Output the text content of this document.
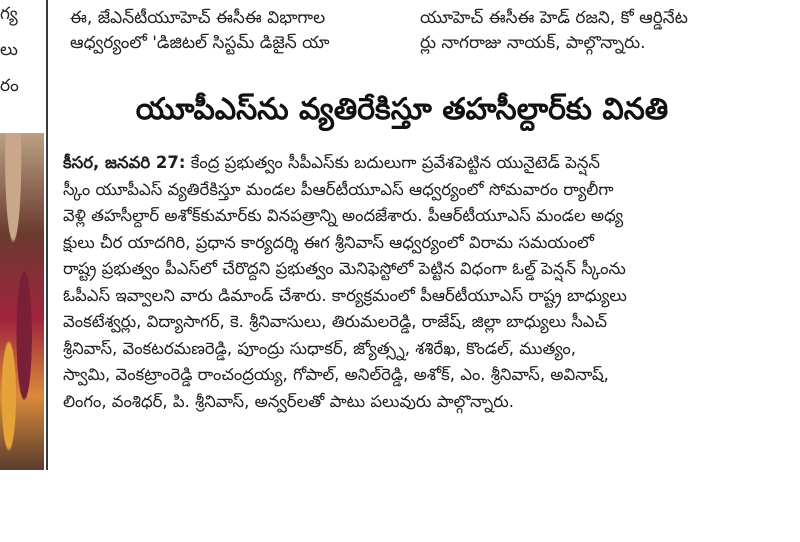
గ్య
లు
రం
ఈ, జేఎన్‌టీయూహెచ్ ఈసీఈ విభాగాల
ఆధ్వర్యంలో 'డిజిటల్ సిస్టమ్ డిజైన్ యా
యూహెచ్ ఈసీఈ హెడ్ రజని, కో ఆర్డినేట
ర్లు నాగరాజు నాయక్, పాల్గొన్నారు.
యూపీఎస్‌ను వ్యతిరేకిస్తూ తహసీల్దార్‌కు వినతి
కీసర, జనవరి 27: కేంద్ర ప్రభుత్వం సీపీఎస్‌కు బదులుగా ప్రవేశపెట్టిన యునైటెడ్ పెన్షన్
స్కీం యూపీఎస్ వ్యతిరేకిస్తూ మండల పీఆర్‌టీయూఎస్ ఆధ్వర్యంలో సోమవారం ర్యాలీగా
వెళ్లి తహసీల్దార్ అశోక్‌కుమార్‌కు వినపత్రాన్ని అందజేశారు. పీఆర్‌టీయూఎస్ మండల అధ్య
క్షులు చీర యాదగిరి, ప్రధాన కార్యదర్శి ఈగ శ్రీనివాస్ ఆధ్వర్యంలో విరామ సమయంలో
రాష్ట్ర ప్రభుత్వం పీఎస్‌లో చేరొద్దని ప్రభుత్వం మెనిఫెస్టోలో పెట్టిన విధంగా ఓల్డ్ పెన్షన్ స్కీంను
ఓపీఎస్ ఇవ్వాలని వారు డిమాండ్ చేశారు. కార్యక్రమంలో పీఆర్‌టీయూఎస్ రాష్ట్ర బాధ్యులు
వెంకటేశ్వర్లు, విద్యాసాగర్, కె. శ్రీనివాసులు, తిరుమలరెడ్డి, రాజేష్, జిల్లా బాధ్యులు సీఎచ్
శ్రీనివాస్, వెంకటరమణరెడ్డి, పూంద్రు సుధాకర్, జ్యోత్స్న, శశిరేఖ, కొండల్, ముత్యం,
స్వామి, వెంకట్రాంరెడ్డి రాంచంద్రయ్య, గోపాల్, అనిల్‌రెడ్డి, అశోక్, ఎం. శ్రీనివాస్, అవినాష్,
లింగం, వంశిధర్, పి. శ్రీనివాస్, అన్వర్‌లతో పాటు పలువురు పాల్గొన్నారు.
